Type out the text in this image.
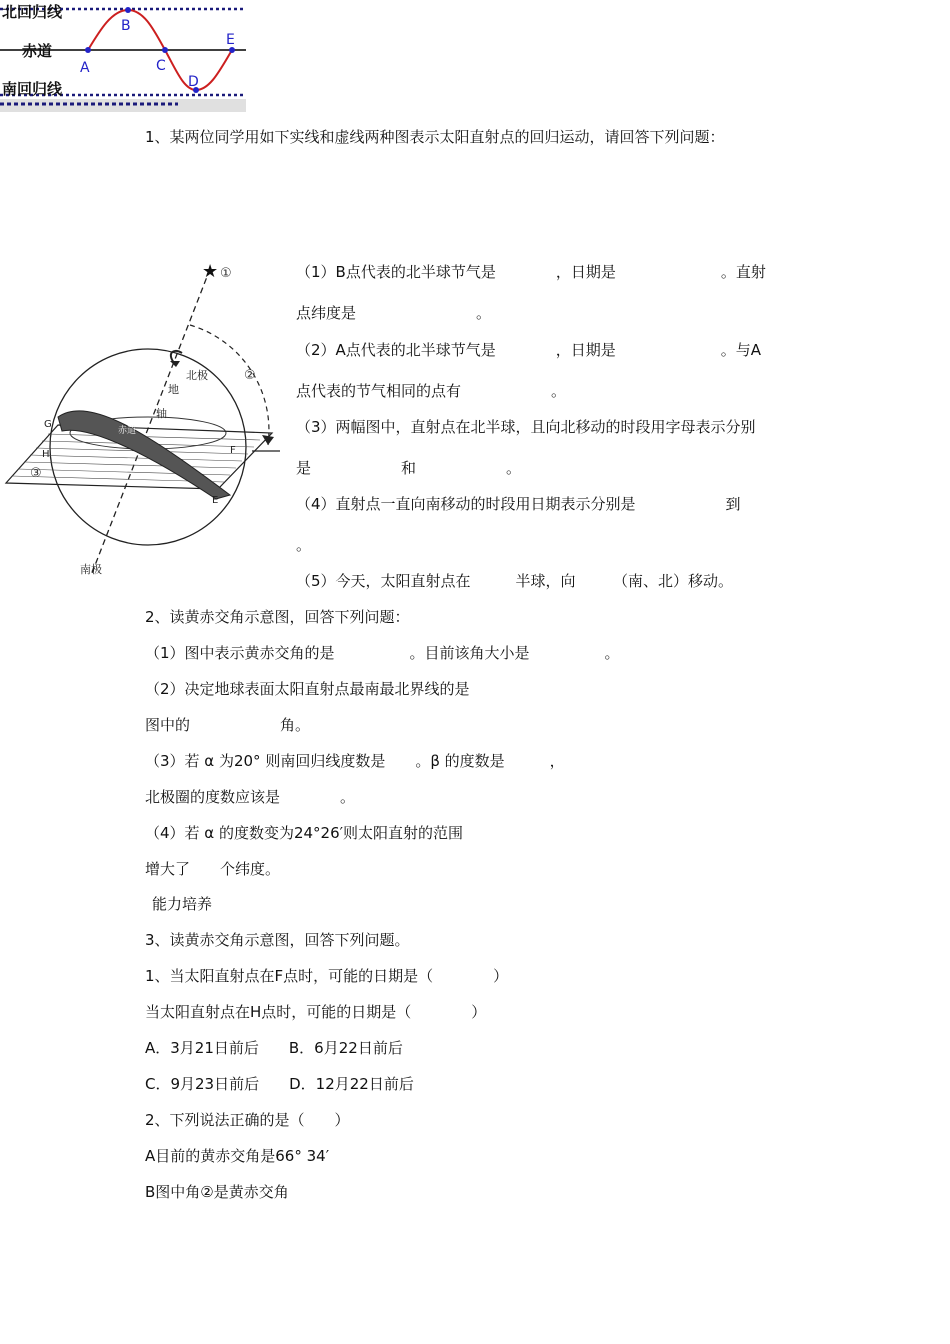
北回归线
赤道
南回归线
A
B
C
D
E
1、某两位同学用如下实线和虚线两种图表示太阳直射点的回归运动，请回答下列问题：
★ ①
②
③
北极
地
轴
赤道
G
H	F
E
南极
（1）B点代表的北半球节气是　　　　，日期是　　　　　　　。直射
点纬度是　　　　　　　　。
（2）A点代表的北半球节气是　　　　，日期是　　　　　　　。与A
点代表的节气相同的点有　　　　　　。
（3）两幅图中，直射点在北半球，且向北移动的时段用字母表示分别
是　　　　　　和　　　　　　。
（4）直射点一直向南移动的时段用日期表示分别是　　　　　　到
。
（5）今天，太阳直射点在　　　半球，向　　　（南、北）移动。
2、读黄赤交角示意图，回答下列问题：
（1）图中表示黄赤交角的是　　　　　。目前该角大小是　　　　　。
（2）决定地球表面太阳直射点最南最北界线的是
图中的　　　　　　角。
（3）若 α 为20° 则南回归线度数是　　。β 的度数是　　　，
北极圈的度数应该是　　　　。
（4）若 α 的度数变为24°26′则太阳直射的范围
增大了　　个纬度。
能力培养
3、读黄赤交角示意图，回答下列问题。
1、当太阳直射点在F点时，可能的日期是（　　　　）
当太阳直射点在H点时，可能的日期是（　　　　）
A．3月21日前后　　B．6月22日前后
C．9月23日前后　　D．12月22日前后
2、下列说法正确的是（　　）
A目前的黄赤交角是66° 34′
B图中角②是黄赤交角
